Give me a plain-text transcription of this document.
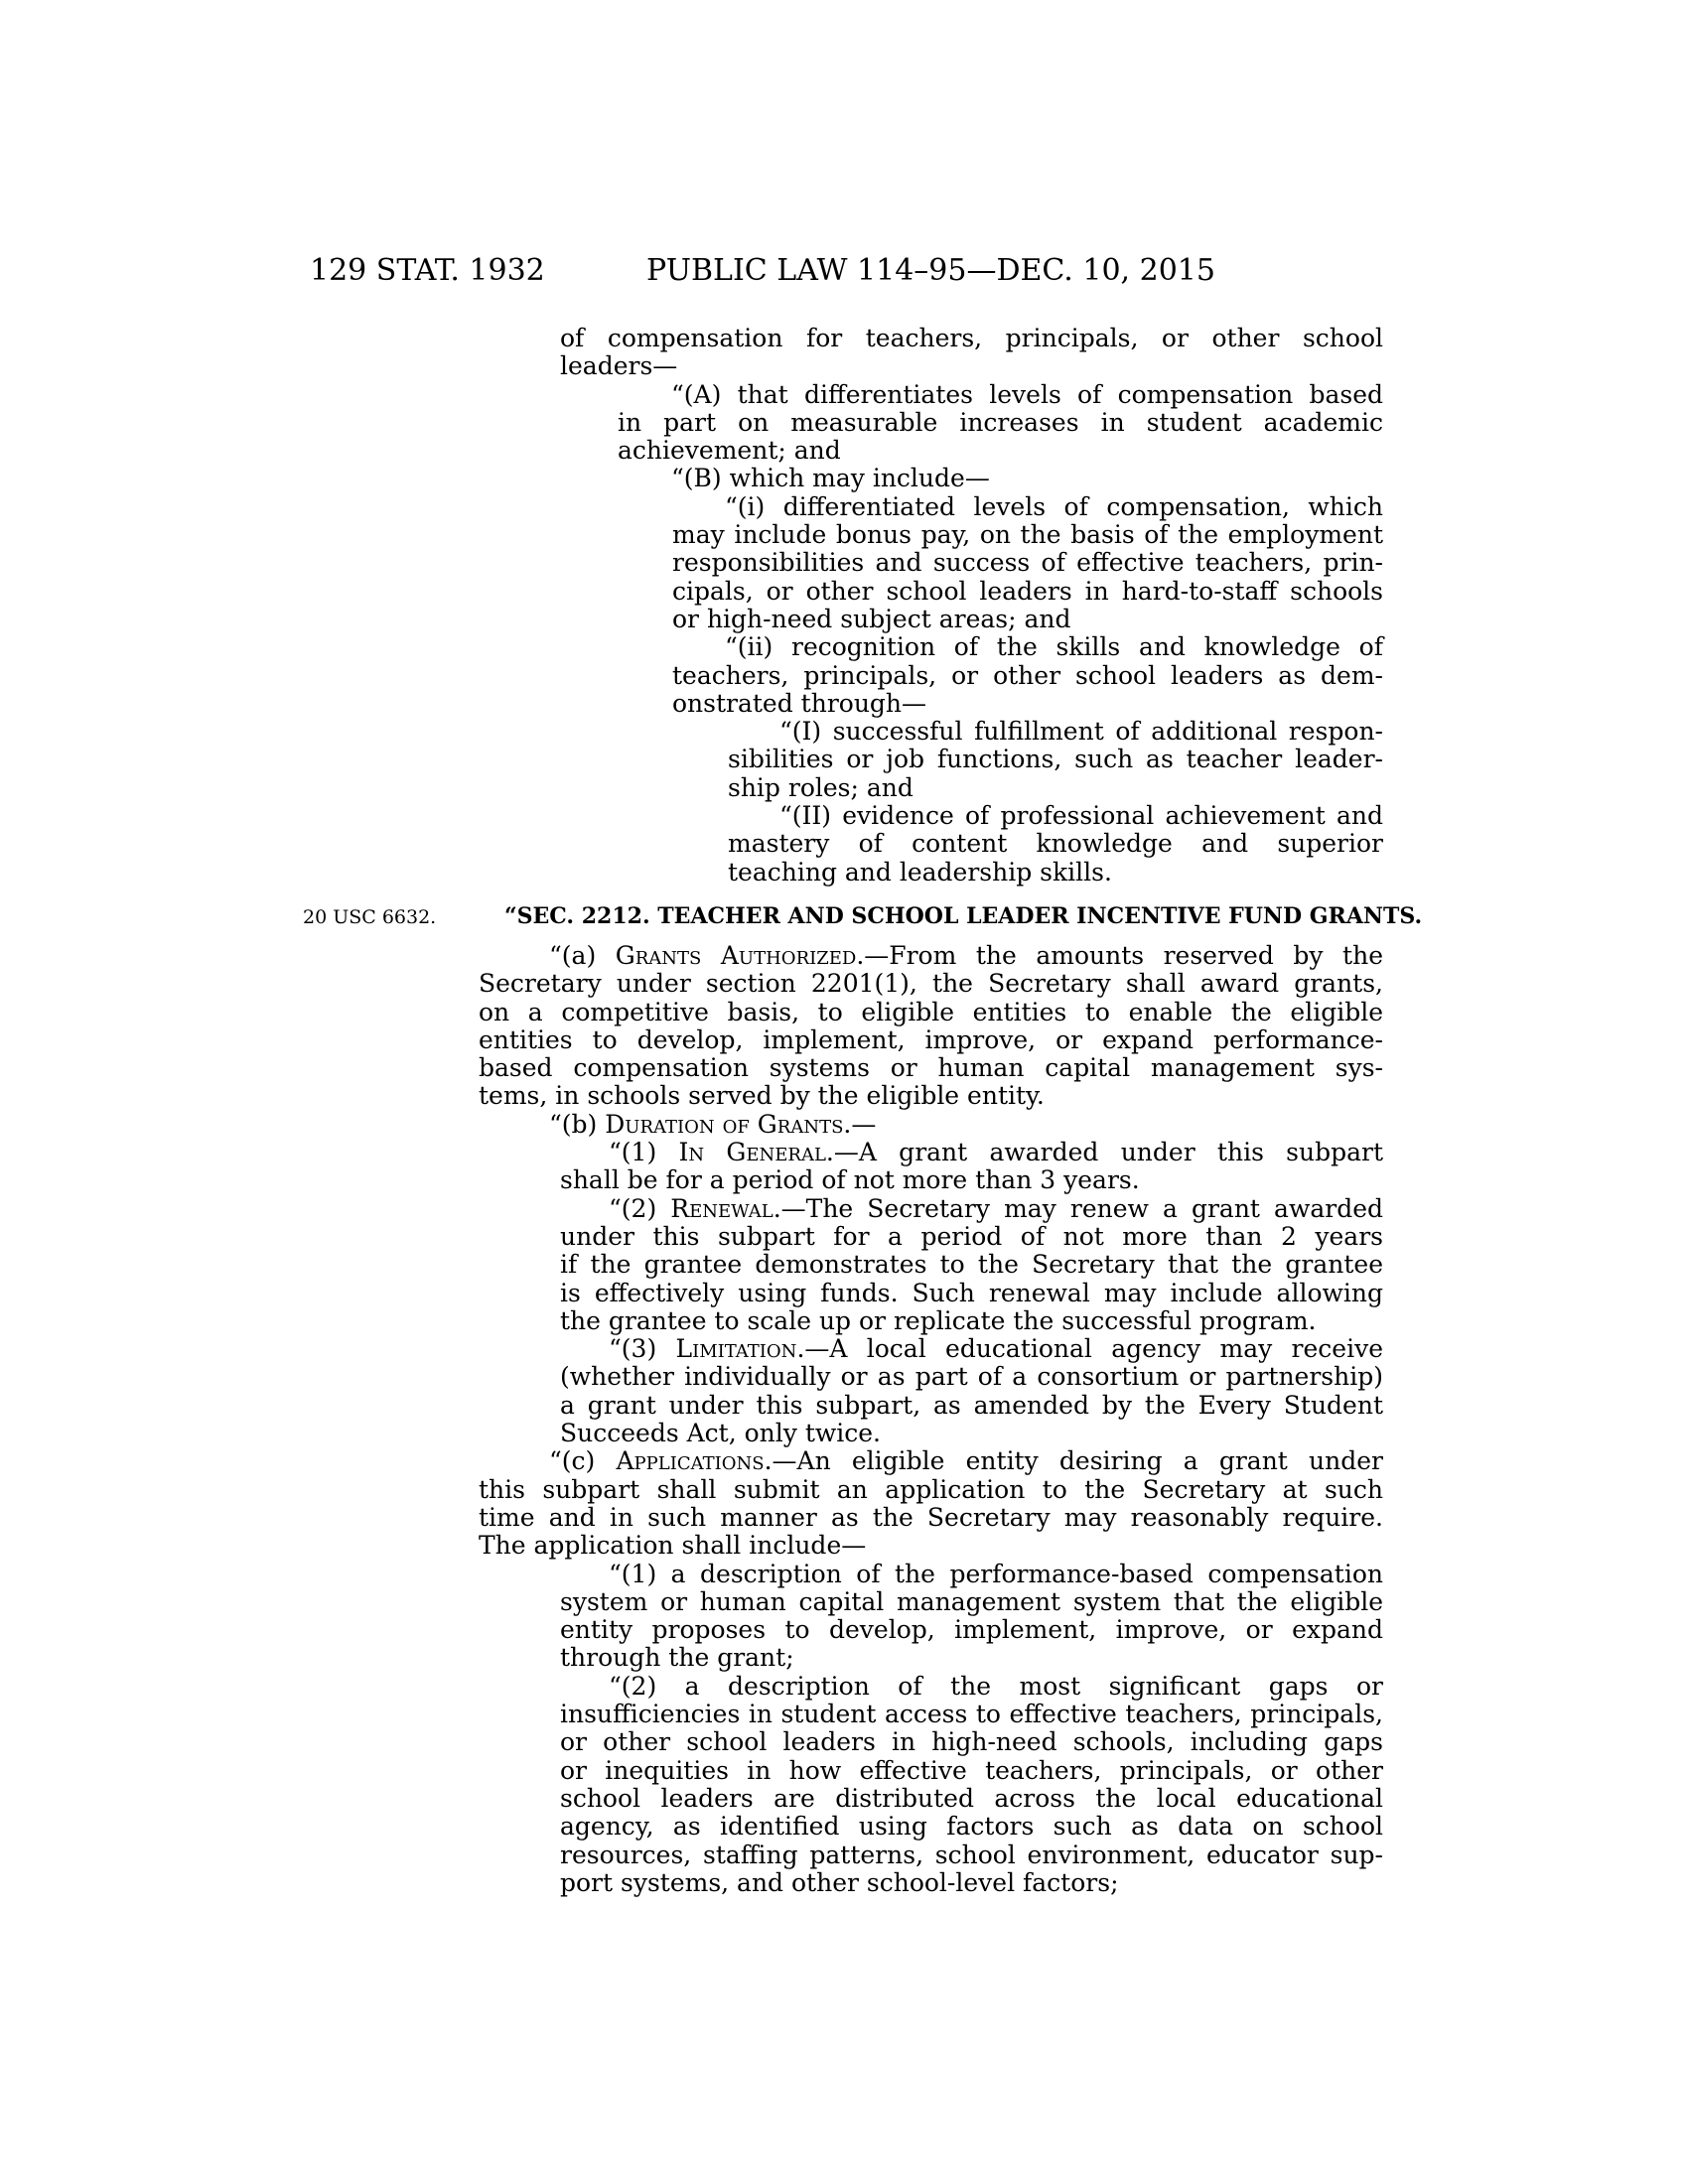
129 STAT. 1932	PUBLIC LAW 114–95—DEC. 10, 2015

of compensation for teachers, principals, or other school
leaders—

“(A) that differentiates levels of compensation based
in part on measurable increases in student academic
achievement; and

“(B) which may include—

“(i) differentiated levels of compensation, which
may include bonus pay, on the basis of the employment
responsibilities and success of effective teachers, prin-
cipals, or other school leaders in hard-to-staff schools
or high-need subject areas; and

“(ii) recognition of the skills and knowledge of
teachers, principals, or other school leaders as dem-
onstrated through—

“(I) successful fulfillment of additional respon-
sibilities or job functions, such as teacher leader-
ship roles; and

“(II) evidence of professional achievement and
mastery of content knowledge and superior
teaching and leadership skills.

20 USC 6632.	“SEC. 2212. TEACHER AND SCHOOL LEADER INCENTIVE FUND GRANTS.

“(a) Grants Authorized.—From the amounts reserved by the
Secretary under section 2201(1), the Secretary shall award grants,
on a competitive basis, to eligible entities to enable the eligible
entities to develop, implement, improve, or expand performance-
based compensation systems or human capital management sys-
tems, in schools served by the eligible entity.

“(b) Duration of Grants.—

“(1) In General.—A grant awarded under this subpart
shall be for a period of not more than 3 years.

“(2) Renewal.—The Secretary may renew a grant awarded
under this subpart for a period of not more than 2 years
if the grantee demonstrates to the Secretary that the grantee
is effectively using funds. Such renewal may include allowing
the grantee to scale up or replicate the successful program.

“(3) Limitation.—A local educational agency may receive
(whether individually or as part of a consortium or partnership)
a grant under this subpart, as amended by the Every Student
Succeeds Act, only twice.

“(c) Applications.—An eligible entity desiring a grant under
this subpart shall submit an application to the Secretary at such
time and in such manner as the Secretary may reasonably require.
The application shall include—

“(1) a description of the performance-based compensation
system or human capital management system that the eligible
entity proposes to develop, implement, improve, or expand
through the grant;

“(2) a description of the most significant gaps or
insufficiencies in student access to effective teachers, principals,
or other school leaders in high-need schools, including gaps
or inequities in how effective teachers, principals, or other
school leaders are distributed across the local educational
agency, as identified using factors such as data on school
resources, staffing patterns, school environment, educator sup-
port systems, and other school-level factors;
